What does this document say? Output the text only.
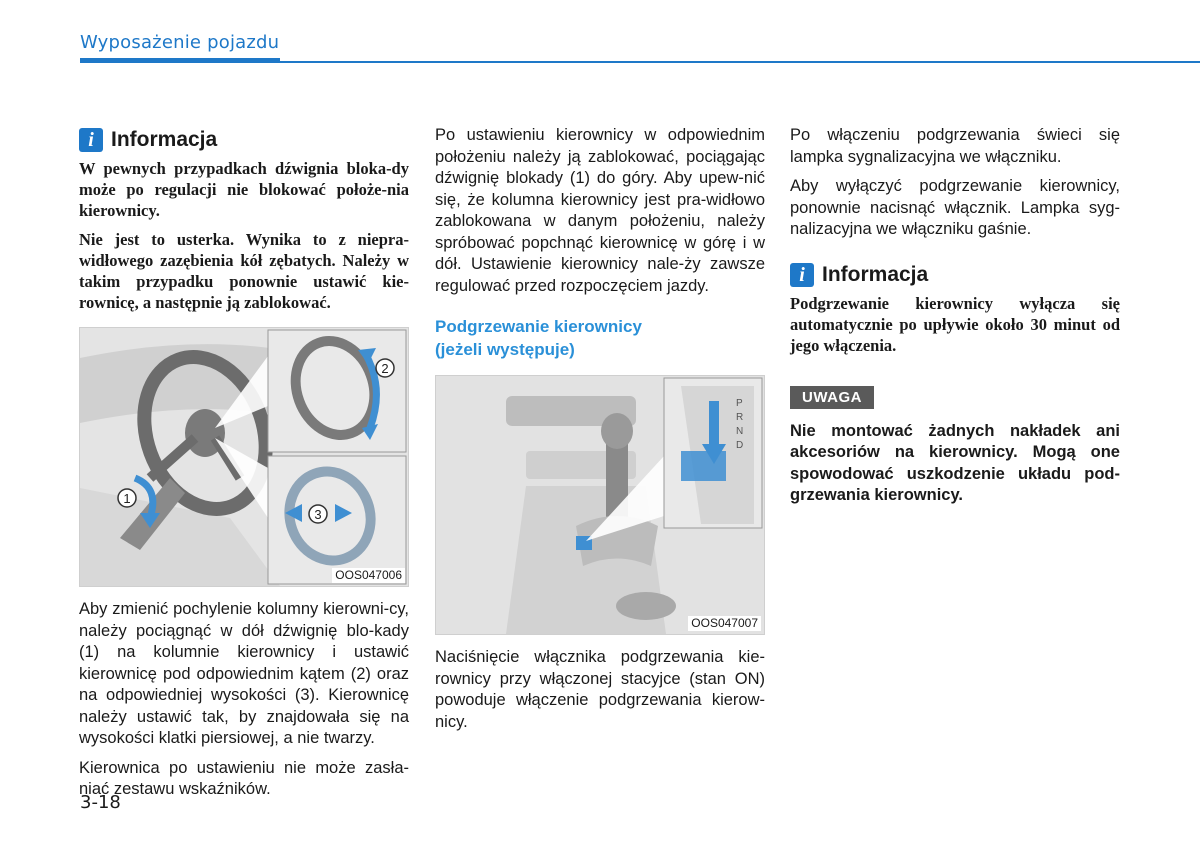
Wyposażenie pojazdu
i Informacja

W pewnych przypadkach dźwignia bloka-dy może po regulacji nie blokować położe-nia kierownicy.

Nie jest to usterka. Wynika to z niepra-widłowego zazębienia kół zębatych. Należy w takim przypadku ponownie ustawić kie-rownicę, a następnie ją zablokować.

1
2
3
OOS047006

Aby zmienić pochylenie kolumny kierowni-cy, należy pociągnąć w dół dźwignię blo-kady (1) na kolumnie kierownicy i ustawić kierownicę pod odpowiednim kątem (2) oraz na odpowiedniej wysokości (3). Kierownicę należy ustawić tak, by znajdowała się na wysokości klatki piersiowej, a nie twarzy.

Kierownica po ustawieniu nie może zasła-niać zestawu wskaźników.

Po ustawieniu kierownicy w odpowiednim położeniu należy ją zablokować, pociągając dźwignię blokady (1) do góry. Aby upew-nić się, że kolumna kierownicy jest pra-widłowo zablokowana w danym położeniu, należy spróbować popchnąć kierownicę w górę i w dół. Ustawienie kierownicy nale-ży zawsze regulować przed rozpoczęciem jazdy.

Podgrzewanie kierownicy
(jeżeli występuje)
P
R
N
D
OOS047007

Naciśnięcie włącznika podgrzewania kie-rownicy przy włączonej stacyjce (stan ON) powoduje włączenie podgrzewania kierow-nicy.

Po włączeniu podgrzewania świeci się lampka sygnalizacyjna we włączniku.

Aby wyłączyć podgrzewanie kierownicy, ponownie nacisnąć włącznik. Lampka syg-nalizacyjna we włączniku gaśnie.

i Informacja

Podgrzewanie kierownicy wyłącza się automatycznie po upływie około 30 minut od jego włączenia.

UWAGA

Nie montować żadnych nakładek ani akcesoriów na kierownicy. Mogą one spowodować uszkodzenie układu pod-grzewania kierownicy.

3-18
